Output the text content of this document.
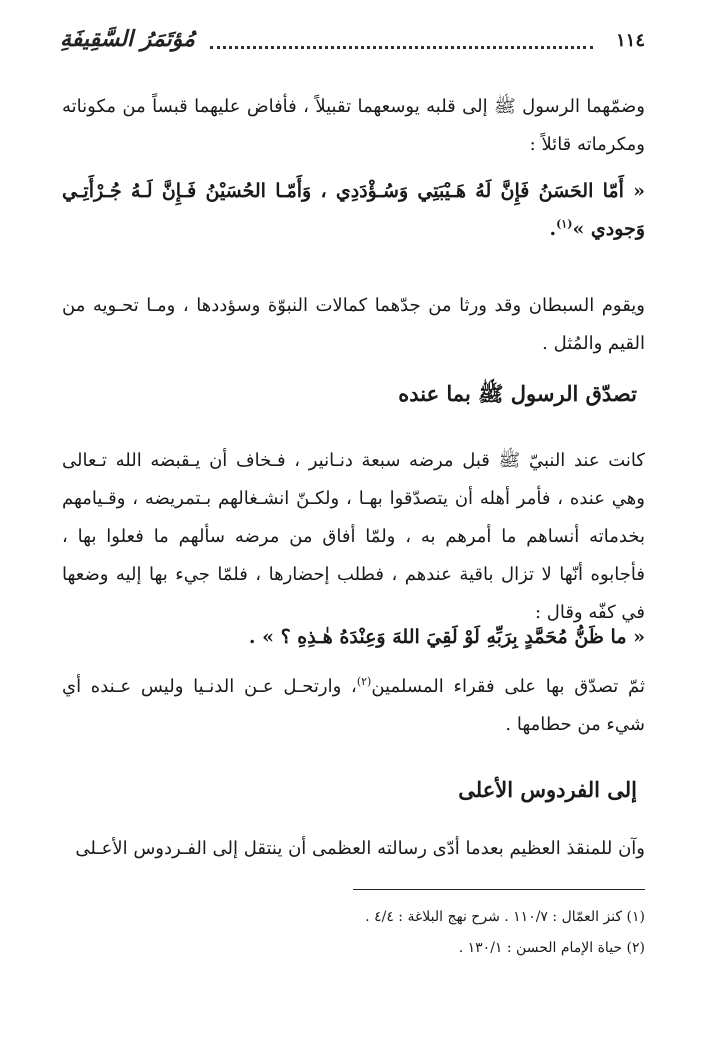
١١٤
مُؤتَمَرُ السَّقِيفَةِ
وضمّهما الرسول ﷺ إلى قلبه يوسعهما تقبيلاً ، فأفاض عليهما قبساً من مكوناته ومكرماته قائلاً :
« أَمّا الحَسَنُ فَإِنَّ لَهُ هَـيْبَتِي وَسُـؤْدَدِي ، وَأَمّـا الحُسَيْنُ فَـإِنَّ لَـهُ جُـرْأَتِـي وَجودي »$^{(١)}$.
ويقوم السبطان وقد ورثا من جدّهما كمالات النبوّة وسؤددها ، ومـا تحـويه من القيم والمُثل .
تصدّق الرسول ﷺ بما عنده
كانت عند النبيّ ﷺ قبل مرضه سبعة دنـانير ، فـخاف أن يـقبضه الله تـعالى وهي عنده ، فأمر أهله أن يتصدّقوا بهـا ، ولكـنّ انشـغالهم بـتمريضه ، وقـيامهم بخدماته أنساهم ما أمرهم به ، ولمّا أفاق من مرضه سألهم ما فعلوا بها ، فأجابوه أنّها لا تزال باقية عندهم ، فطلب إحضارها ، فلمّا جيء بها إليه وضعها في كفّه وقال :
« ما ظَنُّ مُحَمَّدٍ بِرَبِّهِ لَوْ لَقِيَ اللهَ وَعِنْدَهُ هٰـذِهِ ؟ » .
ثمّ تصدّق بها على فقراء المسلمين$^{(٢)}$، وارتحـل عـن الدنـيا وليس عـنده أي شيء من حطامها .
إلى الفردوس الأعلى
وآن للمنقذ العظيم بعدما أدّى رسالته العظمى أن ينتقل إلى الفـردوس الأعـلى
(١) كنز العمّال : ١١٠/٧ . شرح نهج البلاغة : ٤/٤ .
(٢) حياة الإمام الحسن : ١٣٠/١ .
